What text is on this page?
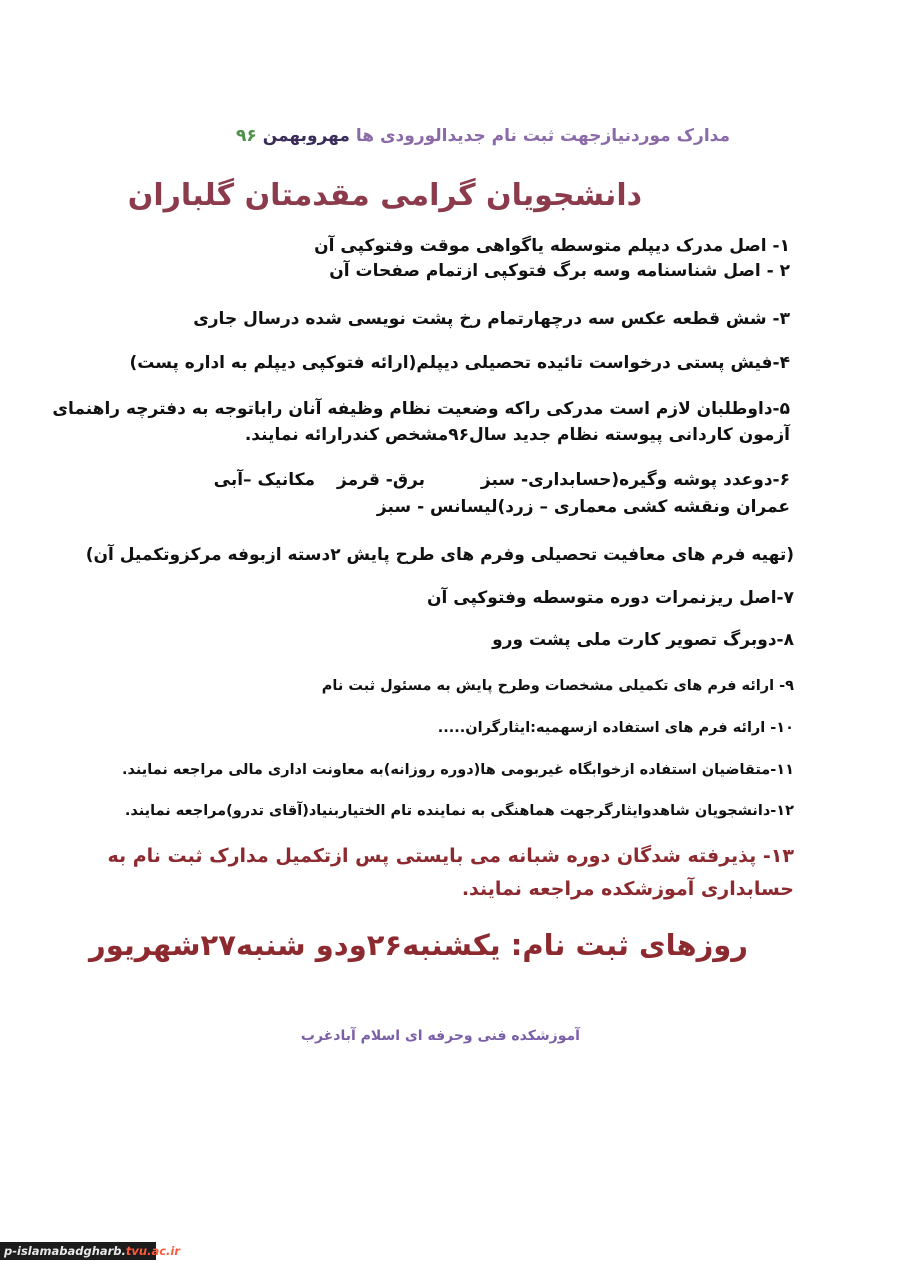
مدارک موردنیازجهت ثبت نام جدیدالورودی ها مهروبهمن ۹۶

دانشجویان گرامی مقدمتان گلباران

۱- اصل مدرک دیپلم متوسطه یاگواهی موقت وفتوکپی آن

۲ - اصل شناسنامه وسه برگ فتوکپی ازتمام صفحات آن

۳- شش قطعه عکس سه درچهارتمام رخ پشت نویسی شده درسال جاری

۴-فیش پستی درخواست تائیده تحصیلی دیپلم(ارائه فتوکپی دیپلم به اداره پست)

۵-داوطلبان لازم است مدرکی راکه وضعیت نظام وظیفه آنان راباتوجه به دفترچه راهنمای

آزمون کاردانی پیوسته نظام جدید سال۹۶مشخص کندرارائه نمایند.

۶-دوعدد پوشه وگیره(حسابداری- سبز

برق- قرمز

مکانیک –آبی

عمران ونقشه کشی معماری – زرد)لیسانس - سبز

(تهیه فرم های معافیت تحصیلی وفرم های طرح پایش ۲دسته ازبوفه مرکزوتکمیل آن)

۷-اصل ریزنمرات دوره متوسطه وفتوکپی آن

۸-دوبرگ تصویر کارت ملی پشت ورو

۹- ارائه فرم های تکمیلی مشخصات وطرح پایش به مسئول ثبت نام

۱۰- ارائه فرم های استفاده ازسهمیه:ایثارگران.....

۱۱-متقاضیان استفاده ازخوابگاه غیربومی ها(دوره روزانه)به معاونت اداری مالی مراجعه نمایند.

۱۲-دانشجویان شاهدوایثارگرجهت هماهنگی به نماینده تام الختیاربنیاد(آقای تدرو)مراجعه نمایند.

۱۳- پذیرفته شدگان دوره شبانه می بایستی پس ازتکمیل مدارک ثبت نام به

حسابداری آموزشکده مراجعه نمایند.

روزهای ثبت نام: یکشنبه۲۶ودو شنبه۲۷شهریور

آموزشکده فنی وحرفه ای اسلام آبادغرب

p-islamabadgharb.tvu.ac.ir
